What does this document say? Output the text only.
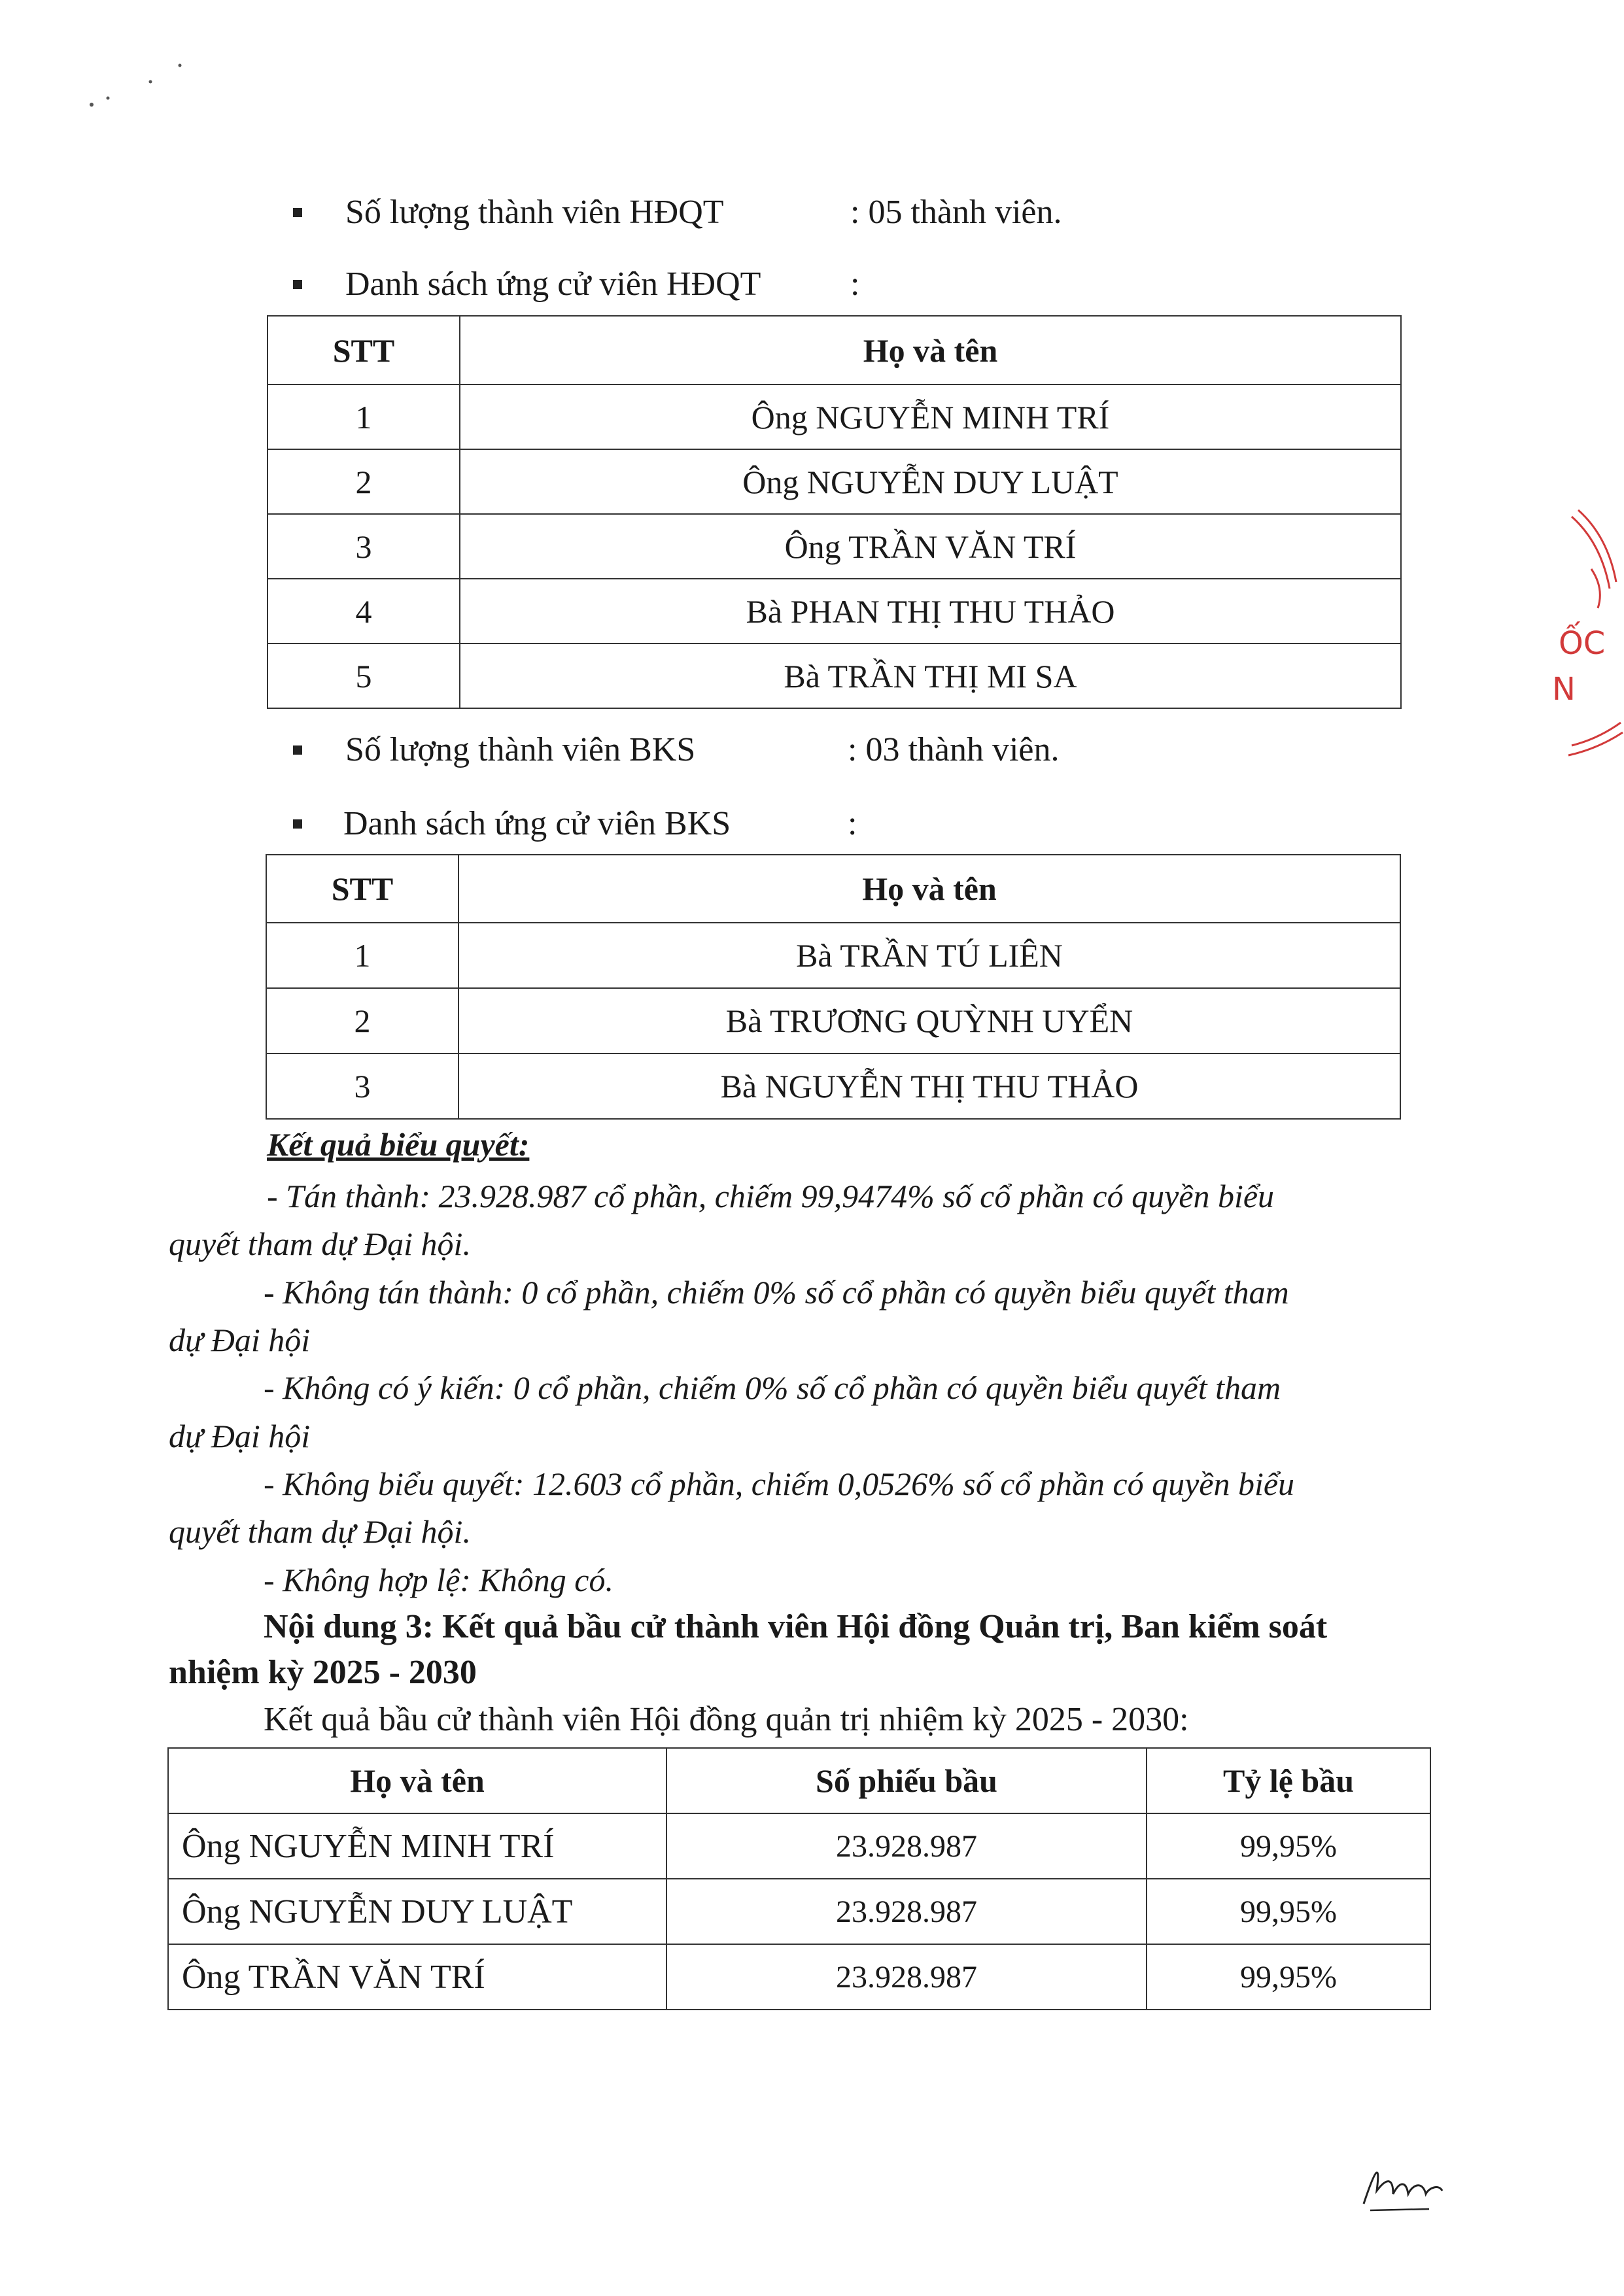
Số lượng thành viên HĐQT	: 05 thành viên.
Danh sách ứng cử viên HĐQT	:
STT	Họ và tên
1	Ông NGUYỄN MINH TRÍ
2	Ông NGUYỄN DUY LUẬT
3	Ông TRẦN VĂN TRÍ
4	Bà PHAN THỊ THU THẢO
5	Bà TRẦN THỊ MI SA
Số lượng thành viên BKS	: 03 thành viên.
Danh sách ứng cử viên BKS	:
STT	Họ và tên
1	Bà TRẦN TÚ LIÊN
2	Bà TRƯƠNG QUỲNH UYỂN
3	Bà NGUYỄN THỊ THU THẢO
Kết quả biểu quyết:
- Tán thành: 23.928.987 cổ phần, chiếm 99,9474% số cổ phần có quyền biểu
quyết tham dự Đại hội.
- Không tán thành: 0 cổ phần, chiếm 0% số cổ phần có quyền biểu quyết tham
dự Đại hội
- Không có ý kiến: 0 cổ phần, chiếm 0% số cổ phần có quyền biểu quyết tham
dự Đại hội
- Không biểu quyết: 12.603 cổ phần, chiếm 0,0526% số cổ phần có quyền biểu
quyết tham dự Đại hội.
- Không hợp lệ: Không có.
Nội dung 3: Kết quả bầu cử thành viên Hội đồng Quản trị, Ban kiểm soát
nhiệm kỳ 2025 - 2030
Kết quả bầu cử thành viên Hội đồng quản trị nhiệm kỳ 2025 - 2030:
Họ và tên	Số phiếu bầu	Tỷ lệ bầu
Ông NGUYỄN MINH TRÍ	23.928.987	99,95%
Ông NGUYỄN DUY LUẬT	23.928.987	99,95%
Ông TRẦN VĂN TRÍ	23.928.987	99,95%
ỐC
N
